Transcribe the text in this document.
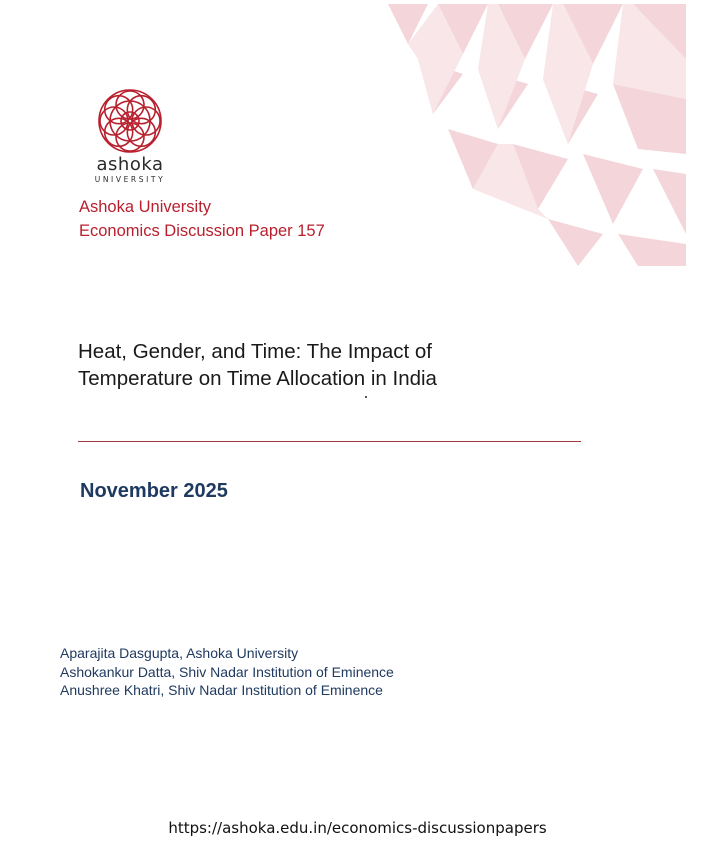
ashoka
UNIVERSITY
Ashoka University
Economics Discussion Paper 157
Heat, Gender, and Time: The Impact of
Temperature on Time Allocation in India
November 2025
Aparajita Dasgupta, Ashoka University
Ashokankur Datta, Shiv Nadar Institution of Eminence
Anushree Khatri, Shiv Nadar Institution of Eminence
https://ashoka.edu.in/economics-discussionpapers
